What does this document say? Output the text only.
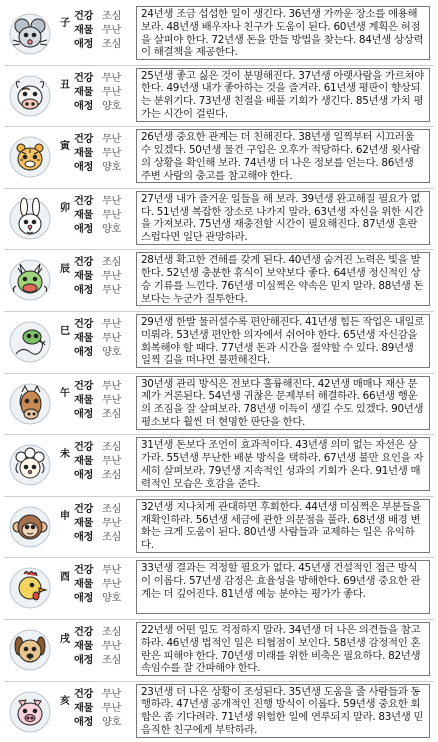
子
건강 조심
재물 무난
애정 조심
24년생 조금 섭섭한 일이 생긴다. 36년생 가까운 장소를 애용해 보라. 48년생 배우자나 친구가 도움이 된다. 60년생 계획은 허점을 살펴야 한다. 72년생 돈을 만들 방법을 찾는다. 84년생 상상력이 해결책을 제공한다.
丑
건강 무난
재물 무난
애정 양호
25년생 좋고 싫은 것이 분명해진다. 37년생 아랫사람을 가르쳐야 한다. 49년생 내가 좋아하는 것을 즐겨라. 61년생 평판이 향상되는 분위기다. 73년생 친절을 배풀 기회가 생긴다. 85년생 가치 평가는 시간이 걸린다.
寅
건강 무난
재물 무난
애정 양호
26년생 중요한 관계는 더 친해진다. 38년생 일찍부터 시끄러울 수 있겠다. 50년생 물건 구입은 오후가 적당하다. 62년생 윗사람의 상황을 확인해 보라. 74년생 더 나은 정보를 얻는다. 86년생 주변 사람의 충고를 참고해야 한다.
卯
건강 무난
재물 무난
애정 양호
27년생 내가 즐거운 일들을 해 보라. 39년생 완고해질 필요가 없다. 51년생 복잡한 장소로 나가지 말라. 63년생 자신을 위한 시간을 가져보라. 75년생 재충전할 시간이 필요해진다. 87년생 혼란스럽다면 일단 관망하라.
辰
건강 조심
재물 무난
애정 무난
28년생 확고한 견해를 갖게 된다. 40년생 숨겨진 노력은 빛을 발한다. 52년생 충분한 휴식이 보약보다 좋다. 64년생 정신적인 상승 기류를 느낀다. 76년생 미심쩍은 약속은 믿지 말라. 88년생 돈보다는 누군가 질투한다.
巳
건강 무난
재물 무난
애정 양호
29년생 한발 물러설수록 편안해진다. 41년생 힘든 작업은 내일로 미뤄라. 53년생 편안한 의자에서 쉬어야 한다. 65년생 자신감을 회복해야 할 때다. 77년생 돈과 시간을 절약할 수 있다. 89년생 일찍 길을 떠나면 불편해진다.
午
건강 무난
재물 무난
애정 조심
30년생 관리 방식은 전보다 훌륭해진다. 42년생 매매나 재산 문제가 거론된다. 54년생 귀찮은 문제부터 해결하라. 66년생 행운의 조짐을 잘 살펴보라. 78년생 이득이 생길 수도 있겠다. 90년생 평소보다 훨씬 더 현명한 판단을 한다.
未
건강 조심
재물 무난
애정 조심
31년생 돈보다 조언이 효과적이다. 43년생 의미 없는 자선은 삼가라. 55년생 무난한 배분 방식을 택하라. 67년생 불만 요인을 자세히 살펴보라. 79년생 지속적인 성과의 기회가 온다. 91년생 매력적인 모습은 호감을 준다.
申
건강 조심
재물 무난
애정 조심
32년생 지나치게 관대하면 후회한다. 44년생 미심쩍은 부분들을 재확인하라. 56년생 세금에 관한 의문점을 풀라. 68년생 배경 변화는 크게 도움이 된다. 80년생 사람들과 교제하는 일은 유익하다.
酉
건강 무난
재물 무난
애정 양호
33년생 결과는 걱정할 필요가 없다. 45년생 건설적인 접근 방식이 이롭다. 57년생 감정은 효율성을 방해한다. 69년생 중요한 관계는 더 깊어진다. 81년생 예능 분야는 평가가 좋다.
戌
건강 조심
재물 무난
애정 조심
22년생 어떤 일도 걱정하지 말라. 34년생 더 나은 의견들을 참고하라. 46년생 법적인 일은 티협점이 보인다. 58년생 감정적인 혼란은 피해야 한다. 70년생 미래를 위한 비축은 필요하다. 82년생 속임수를 잘 간파해야 한다.
亥
건강 무난
재물 무난
애정 양호
23년생 더 나은 상황이 조성된다. 35년생 도움을 줄 사람들과 동행하라. 47년생 공개적인 진행 방식이 이롭다. 59년생 중요한 회합은 좀 기다려라. 71년생 위험한 일에 연루되지 말라. 83년생 믿음직한 친구에게 부탁하라.
